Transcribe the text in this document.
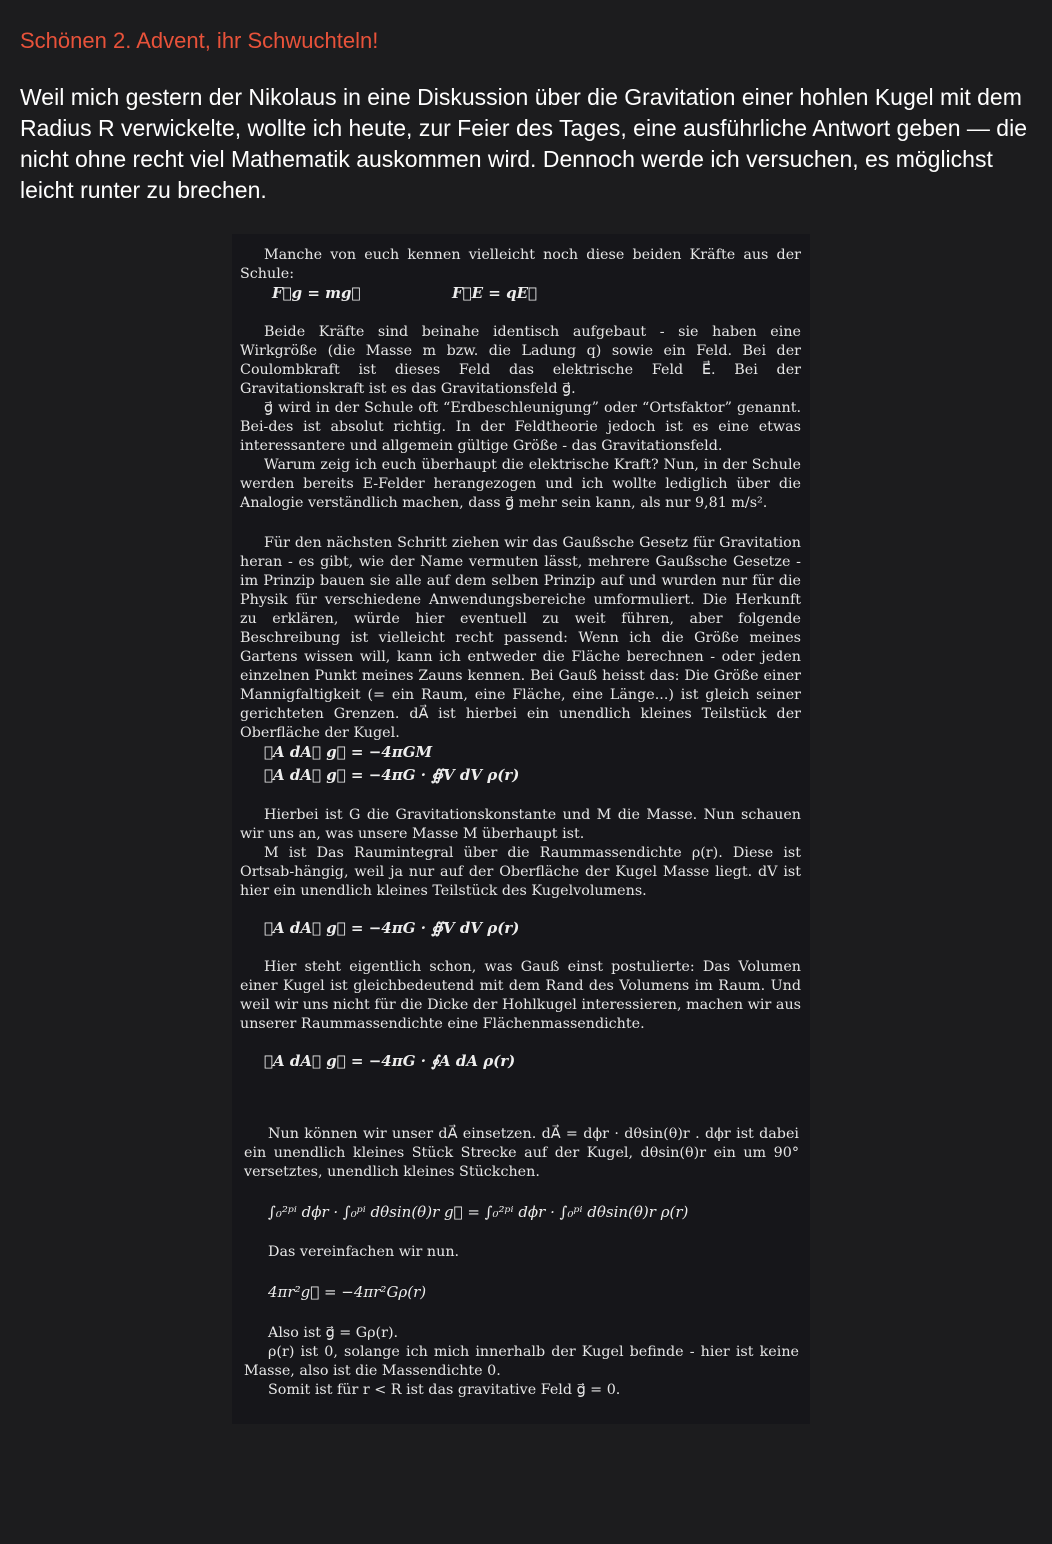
Schönen 2. Advent, ihr Schwuchteln!

Weil mich gestern der Nikolaus in eine Diskussion über die Gravitation einer hohlen Kugel mit dem Radius R verwickelte, wollte ich heute, zur Feier des Tages, eine ausführliche Antwort geben — die nicht ohne recht viel Mathematik auskommen wird. Dennoch werde ich versuchen, es möglichst leicht runter zu brechen.

Manche von euch kennen vielleicht noch diese beiden Kräfte aus der Schule:

F⃗g = mg⃗	F⃗E = qE⃗

Beide Kräfte sind beinahe identisch aufgebaut - sie haben eine Wirkgröße (die Masse m bzw. die Ladung q) sowie ein Feld. Bei der Coulombkraft ist dieses Feld das elektrische Feld E⃗. Bei der Gravitationskraft ist es das Gravitationsfeld g⃗.

g⃗ wird in der Schule oft “Erdbeschleunigung” oder “Ortsfaktor” genannt. Bei-des ist absolut richtig. In der Feldtheorie jedoch ist es eine etwas interessantere und allgemein gültige Größe - das Gravitationsfeld.

Warum zeig ich euch überhaupt die elektrische Kraft? Nun, in der Schule werden bereits E-Felder herangezogen und ich wollte lediglich über die Analogie verständlich machen, dass g⃗ mehr sein kann, als nur 9,81 m/s².

Für den nächsten Schritt ziehen wir das Gaußsche Gesetz für Gravitation heran - es gibt, wie der Name vermuten lässt, mehrere Gaußsche Gesetze - im Prinzip bauen sie alle auf dem selben Prinzip auf und wurden nur für die Physik für verschiedene Anwendungsbereiche umformuliert. Die Herkunft zu erklären, würde hier eventuell zu weit führen, aber folgende Beschreibung ist vielleicht recht passend: Wenn ich die Größe meines Gartens wissen will, kann ich entweder die Fläche berechnen - oder jeden einzelnen Punkt meines Zauns kennen. Bei Gauß heisst das: Die Größe einer Mannigfaltigkeit (= ein Raum, eine Fläche, eine Länge...) ist gleich seiner gerichteten Grenzen. dA⃗ ist hierbei ein unendlich kleines Teilstück der Oberfläche der Kugel.

∮A dA⃗ g⃗ = −4πGM
∮A dA⃗ g⃗ = −4πG · ∯V dV ρ(r)

Hierbei ist G die Gravitationskonstante und M die Masse. Nun schauen wir uns an, was unsere Masse M überhaupt ist.

M ist Das Raumintegral über die Raummassendichte ρ(r). Diese ist Ortsab-hängig, weil ja nur auf der Oberfläche der Kugel Masse liegt. dV ist hier ein unendlich kleines Teilstück des Kugelvolumens.

∮A dA⃗ g⃗ = −4πG · ∯V dV ρ(r)

Hier steht eigentlich schon, was Gauß einst postulierte: Das Volumen einer Kugel ist gleichbedeutend mit dem Rand des Volumens im Raum. Und weil wir uns nicht für die Dicke der Hohlkugel interessieren, machen wir aus unserer Raummassendichte eine Flächenmassendichte.

∮A dA⃗ g⃗ = −4πG · ∮A dA ρ(r)

Nun können wir unser dA⃗ einsetzen. dA⃗ = dϕr · dθsin(θ)r . dϕr ist dabei ein unendlich kleines Stück Strecke auf der Kugel, dθsin(θ)r ein um 90° versetztes, unendlich kleines Stückchen.

∫₀²ᵖⁱ dϕr · ∫₀ᵖⁱ dθsin(θ)r g⃗ = ∫₀²ᵖⁱ dϕr · ∫₀ᵖⁱ dθsin(θ)r ρ(r)

Das vereinfachen wir nun.

4πr²g⃗ = −4πr²Gρ(r)

Also ist g⃗ = Gρ(r).

ρ(r) ist 0, solange ich mich innerhalb der Kugel befinde - hier ist keine Masse, also ist die Massendichte 0.

Somit ist für r < R ist das gravitative Feld g⃗ = 0.
